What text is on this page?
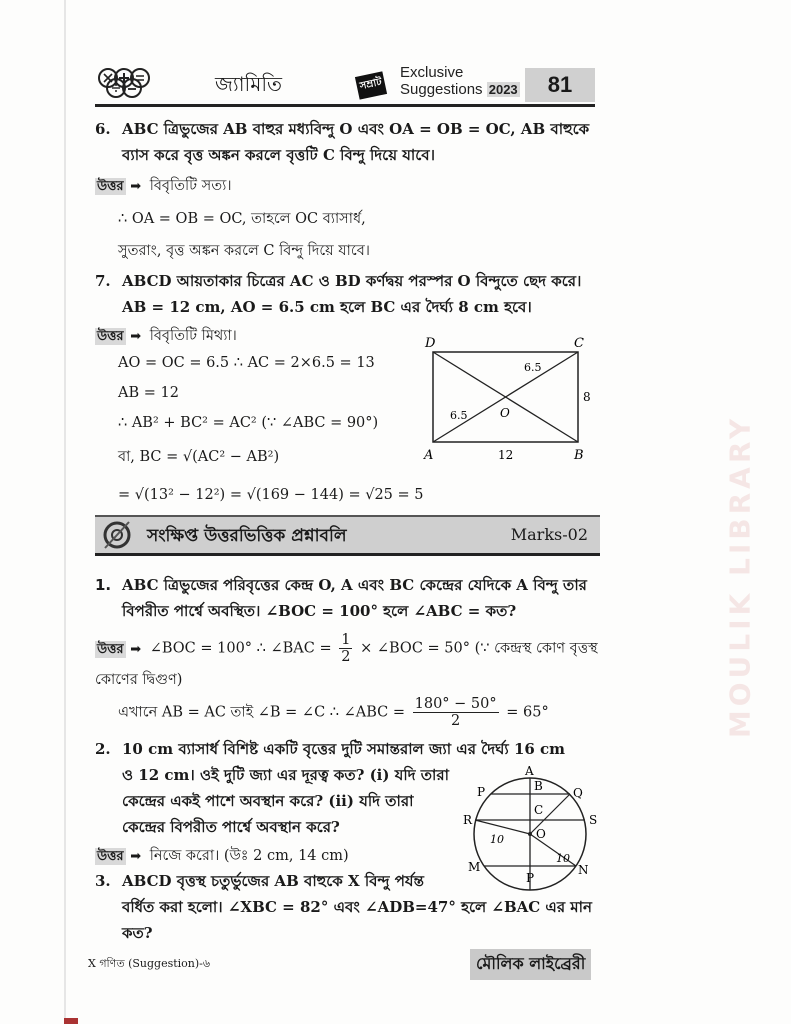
MOULIK LIBRARY
জ্যামিতি	সম্রাট
Exclusive
Suggestions 2023	81
6. ABC ত্রিভুজের AB বাহুর মধ্যবিন্দু O এবং OA = OB = OC, AB বাহুকে
ব্যাস করে বৃত্ত অঙ্কন করলে বৃত্তটি C বিন্দু দিয়ে যাবে।
উত্তর ➡ বিবৃতিটি সত্য।
∴ OA = OB = OC, তাহলে OC ব্যাসার্ধ,
সুতরাং, বৃত্ত অঙ্কন করলে C বিন্দু দিয়ে যাবে।
7. ABCD আয়তাকার চিত্রের AC ও BD কর্ণদ্বয় পরস্পর O বিন্দুতে ছেদ করে।
AB = 12 cm, AO = 6.5 cm হলে BC এর দৈর্ঘ্য 8 cm হবে।
উত্তর ➡ বিবৃতিটি মিথ্যা।
AO = OC = 6.5 ∴ AC = 2×6.5 = 13
AB = 12
∴ AB² + BC² = AC² (∵ ∠ABC = 90°)
বা, BC = √(AC² − AB²)
= √(13² − 12²) = √(169 − 144) = √25 = 5
D	C
A	B
O
6.5
6.5
8
12
সংক্ষিপ্ত উত্তরভিত্তিক প্রশ্নাবলি	Marks-02
1. ABC ত্রিভুজের পরিবৃত্তের কেন্দ্র O, A এবং BC কেন্দ্রের যেদিকে A বিন্দু তার
বিপরীত পার্শ্বে অবস্থিত। ∠BOC = 100° হলে ∠ABC = কত?
উত্তর ➡ ∠BOC = 100° ∴ ∠BAC = $\frac{1}{2}$ × ∠BOC = 50° (∵ কেন্দ্রস্থ কোণ বৃত্তস্থ
কোণের দ্বিগুণ)
এখানে AB = AC তাই ∠B = ∠C ∴ ∠ABC = $\frac{180^\circ - 50^\circ}{2} = 65^\circ$
2. 10 cm ব্যাসার্ধ বিশিষ্ট একটি বৃত্তের দুটি সমান্তরাল জ্যা এর দৈর্ঘ্য 16 cm
ও 12 cm। ওই দুটি জ্যা এর দূরত্ব কত? (i) যদি তারা
কেন্দ্রের একই পাশে অবস্থান করে? (ii) যদি তারা
কেন্দ্রের বিপরীত পার্শ্বে অবস্থান করে?
উত্তর ➡ নিজে করো। (উঃ 2 cm, 14 cm)
A
B
P	Q
C
R	S
O
M	N
P
10
10
3. ABCD বৃত্তস্থ চতুর্ভুজের AB বাহুকে X বিন্দু পর্যন্ত
বর্ধিত করা হলো। ∠XBC = 82° এবং ∠ADB=47° হলে ∠BAC এর মান
কত?
X গণিত (Suggestion)-৬	মৌলিক লাইব্রেরী
